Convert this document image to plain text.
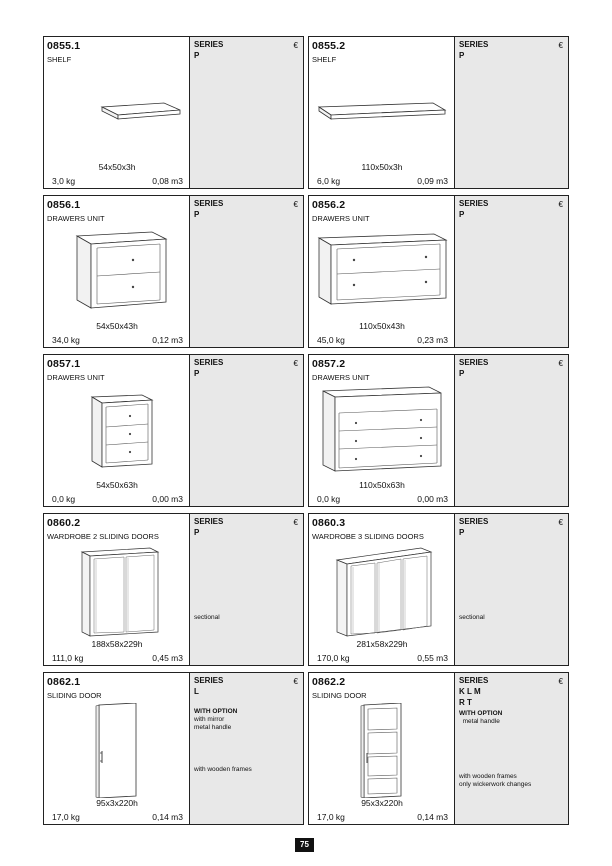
0855.1
SHELF
54x50x3h
3,0 kg	0,08 m3
SERIES
P
€ 0855.2
SHELF
110x50x3h
6,0 kg	0,09 m3
SERIES
P
€
0856.1
DRAWERS UNIT
54x50x43h
34,0 kg	0,12 m3
SERIES
P
€ 0856.2
DRAWERS UNIT
110x50x43h
45,0 kg	0,23 m3
SERIES
P
€
0857.1
DRAWERS UNIT
54x50x63h
0,0 kg	0,00 m3
SERIES
P
€ 0857.2
DRAWERS UNIT
110x50x63h
0,0 kg	0,00 m3
SERIES
P
€
0860.2
WARDROBE 2 SLIDING DOORS
188x58x229h
111,0 kg	0,45 m3
SERIES
P
€
sectional
0860.3
WARDROBE 3 SLIDING DOORS
281x58x229h
170,0 kg	0,55 m3
SERIES
P
€
sectional
0862.1
SLIDING DOOR
95x3x220h
17,0 kg	0,14 m3
SERIES
L
€
WITH OPTION
with mirror
metal handle
with wooden frames
0862.2
SLIDING DOOR
95x3x220h
17,0 kg	0,14 m3
SERIES
K L M
R T
€
WITH OPTION
metal handle
with wooden frames
only wickerwork changes
75
